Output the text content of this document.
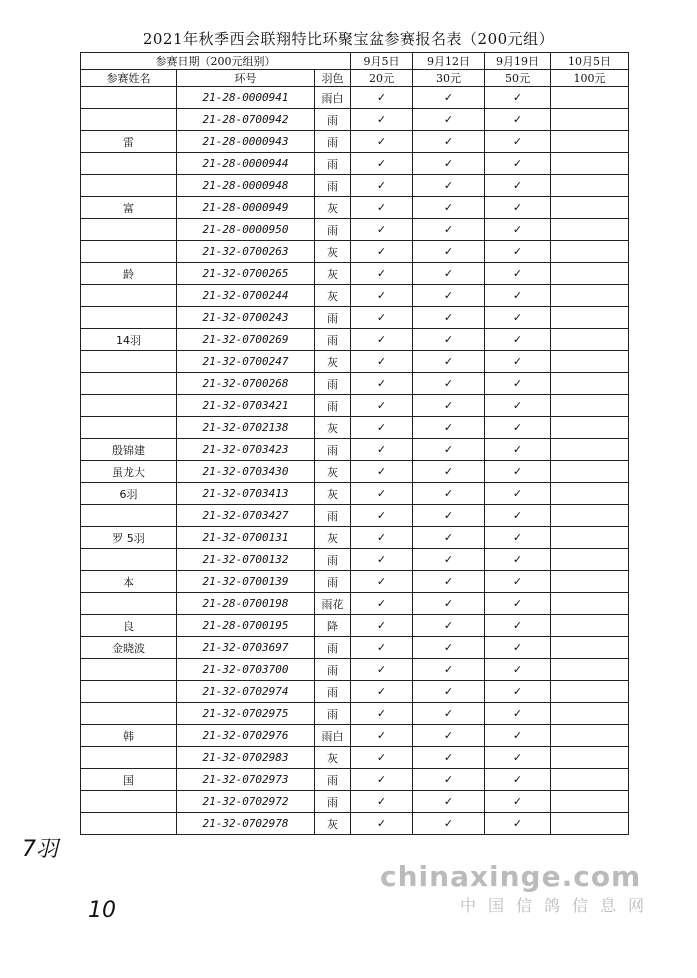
2021年秋季西会联翔特比环聚宝盆参赛报名表（200元组）
参赛日期（200元组别）			9月5日	9月12日	9月19日	10月5日
参赛姓名	环号	羽色	20元	30元	50元	100元
	21-28-0000941	雨白	✓	✓	✓	
	21-28-0700942	雨	✓	✓	✓	
雷	21-28-0000943	雨	✓	✓	✓	
	21-28-0000944	雨	✓	✓	✓	
	21-28-0000948	雨	✓	✓	✓	
富	21-28-0000949	灰	✓	✓	✓	
	21-28-0000950	雨	✓	✓	✓	
	21-32-0700263	灰	✓	✓	✓	
龄	21-32-0700265	灰	✓	✓	✓	
	21-32-0700244	灰	✓	✓	✓	
	21-32-0700243	雨	✓	✓	✓	
14羽	21-32-0700269	雨	✓	✓	✓	
	21-32-0700247	灰	✓	✓	✓	
	21-32-0700268	雨	✓	✓	✓	
	21-32-0703421	雨	✓	✓	✓	
	21-32-0702138	灰	✓	✓	✓	
殷锦建	21-32-0703423	雨	✓	✓	✓	
虽龙大	21-32-0703430	灰	✓	✓	✓	
6羽	21-32-0703413	灰	✓	✓	✓	
	21-32-0703427	雨	✓	✓	✓	
罗 5羽	21-32-0700131	灰	✓	✓	✓	
	21-32-0700132	雨	✓	✓	✓	
本	21-32-0700139	雨	✓	✓	✓	
	21-28-0700198	雨花	✓	✓	✓	
良	21-28-0700195	降	✓	✓	✓	
金晓波	21-32-0703697	雨	✓	✓	✓	
	21-32-0703700	雨	✓	✓	✓	
	21-32-0702974	雨	✓	✓	✓	
	21-32-0702975	雨	✓	✓	✓	
韩	21-32-0702976	雨白	✓	✓	✓	
	21-32-0702983	灰	✓	✓	✓	
国	21-32-0702973	雨	✓	✓	✓	
	21-32-0702972	雨	✓	✓	✓	
	21-32-0702978	灰	✓	✓	✓	
7羽
10
chinaxinge.com
中国信鸽信息网
